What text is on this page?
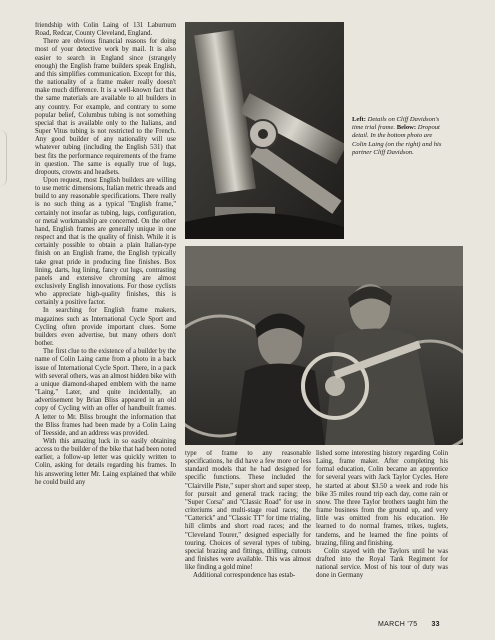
friendship with Colin Laing of 131 Laburnum Road, Redcar, County Cleveland, England.

There are obvious financial reasons for doing most of your detective work by mail. It is also easier to search in England since (strangely enough) the English frame builders speak English, and this simplifies communication. Except for this, the nationality of a frame maker really doesn't make much difference. It is a well-known fact that the same materials are available to all builders in any country. For example, and contrary to some popular belief, Columbus tubing is not something special that is available only to the Italians, and Super Vitus tubing is not restricted to the French. Any good builder of any nationality will use whatever tubing (including the English 531) that best fits the performance requirements of the frame in question. The same is equally true of lugs, dropouts, crowns and headsets.

Upon request, most English builders are willing to use metric dimensions, Italian metric threads and build to any reasonable specifications. There really is no such thing as a typical "English frame," certainly not insofar as tubing, lugs, configuration, or metal workmanship are concerned. On the other hand, English frames are generally unique in one respect and that is the quality of finish. While it is certainly possible to obtain a plain Italian-type finish on an English frame, the English typically take great pride in producing fine finishes. Box lining, darts, lug lining, fancy cut lugs, contrasting panels and extensive chroming are almost exclusively English innovations. For those cyclists who appreciate high-quality finishes, this is certainly a positive factor.

In searching for English frame makers, magazines such as International Cycle Sport and Cycling often provide important clues. Some builders even advertise, but many others don't bother.

The first clue to the existence of a builder by the name of Colin Laing came from a photo in a back issue of International Cycle Sport. There, in a pack with several others, was an almost hidden bike with a unique diamond-shaped emblem with the name "Laing." Later, and quite incidentally, an advertisement by Brian Bliss appeared in an old copy of Cycling with an offer of handbuilt frames. A letter to Mr. Bliss brought the information that the Bliss frames had been made by a Colin Laing of Teesside, and an address was provided.

With this amazing luck in so easily obtaining access to the builder of the bike that had been noted earlier, a follow-up letter was quickly written to Colin, asking for details regarding his frames. In his answering letter Mr. Laing explained that while he could build any

Left: Details on Cliff Davidson's time trial frame. Below: Dropout detail. In the bottom photo are Colin Laing (on the right) and his partner Cliff Davidson.

type of frame to any reasonable specifications, he did have a few more or less standard models that he had designed for specific functions. These included the "Clairville Piste," super short and super steep, for pursuit and general track racing; the "Super Corsa" and "Classic Road" for use in criteriums and multi-stage road races; the "Catterick" and "Classic TT" for time trialing, hill climbs and short road races; and the "Cleveland Tourer," designed especially for touring. Choices of several types of tubing, special brazing and fittings, drilling, cutouts and finishes were available. This was almost like finding a gold mine!

Additional correspondence has estab-

lished some interesting history regarding Colin Laing, frame maker. After completing his formal education, Colin became an apprentice for several years with Jack Taylor Cycles. Here he started at about $3.50 a week and rode his bike 35 miles round trip each day, come rain or snow. The three Taylor brothers taught him the frame business from the ground up, and very little was omitted from his education. He learned to do normal frames, trikes, tuglets, tandems, and he learned the fine points of brazing, filing and finishing.

Colin stayed with the Taylors until he was drafted into the Royal Tank Regiment for national service. Most of his tour of duty was done in Germany

MARCH '75 33
